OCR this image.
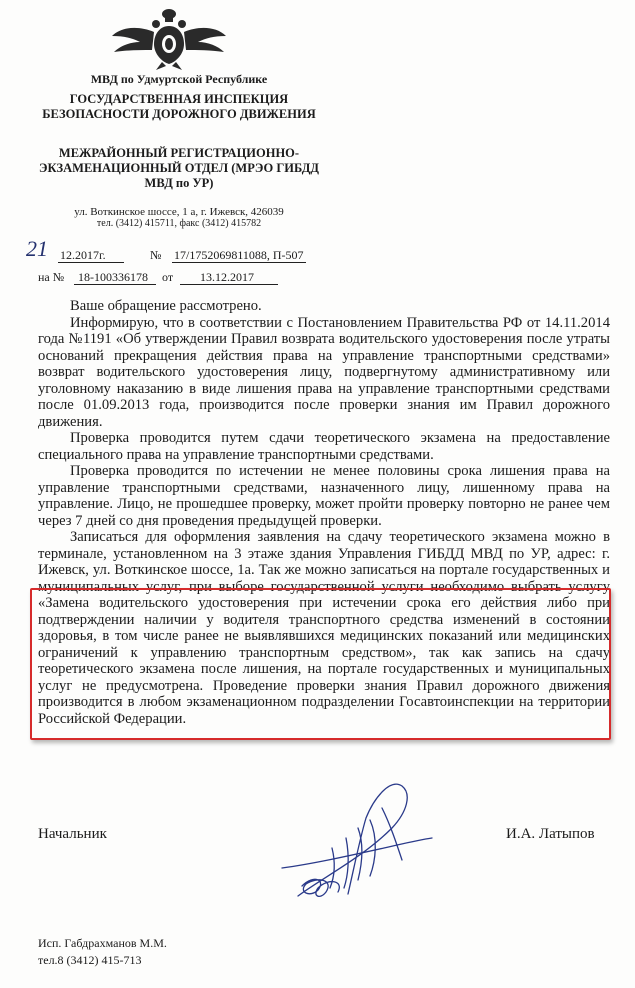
МВД по Удмуртской Республике
ГОСУДАРСТВЕННАЯ ИНСПЕКЦИЯ БЕЗОПАСНОСТИ ДОРОЖНОГО ДВИЖЕНИЯ
МЕЖРАЙОННЫЙ РЕГИСТРАЦИОННО-ЭКЗАМЕНАЦИОННЫЙ ОТДЕЛ (МРЭО ГИБДД МВД по УР)
ул. Воткинское шоссе, 1 а, г. Ижевск, 426039
тел. (3412) 415711, факс (3412) 415782
21 12.2017г.	№ 17/1752069811088, П-507
на № 18-100336178 от 13.12.2017

Ваше обращение рассмотрено.

Информирую, что в соответствии с Постановлением Правительства РФ от 14.11.2014 года №1191 «Об утверждении Правил возврата водительского удостоверения после утраты оснований прекращения действия права на управление транспортными средствами» возврат водительского удостоверения лицу, подвергнутому административному или уголовному наказанию в виде лишения права на управление транспортными средствами после 01.09.2013 года, производится после проверки знания им Правил дорожного движения.

Проверка проводится путем сдачи теоретического экзамена на предоставление специального права на управление транспортными средствами.

Проверка проводится по истечении не менее половины срока лишения права на управление транспортными средствами, назначенного лицу, лишенному права на управление. Лицо, не прошедшее проверку, может пройти проверку повторно не ранее чем через 7 дней со дня проведения предыдущей проверки.

Записаться для оформления заявления на сдачу теоретического экзамена можно в терминале, установленном на 3 этаже здания Управления ГИБДД МВД по УР, адрес: г. Ижевск, ул. Воткинское шоссе, 1а. Так же можно записаться на портале государственных и муниципальных услуг, при выборе государственной услуги необходимо выбрать услугу «Замена водительского удостоверения при истечении срока его действия либо при подтверждении наличии у водителя транспортного средства изменений в состоянии здоровья, в том числе ранее не выявлявшихся медицинских показаний или медицинских ограничений к управлению транспортным средством», так как запись на сдачу теоретического экзамена после лишения, на портале государственных и муниципальных услуг не предусмотрена. Проведение проверки знания Правил дорожного движения производится в любом экзаменационном подразделении Госавтоинспекции на территории Российской Федерации.

Начальник	И.А. Латыпов
Исп. Габдрахманов М.М.
тел.8 (3412) 415-713
